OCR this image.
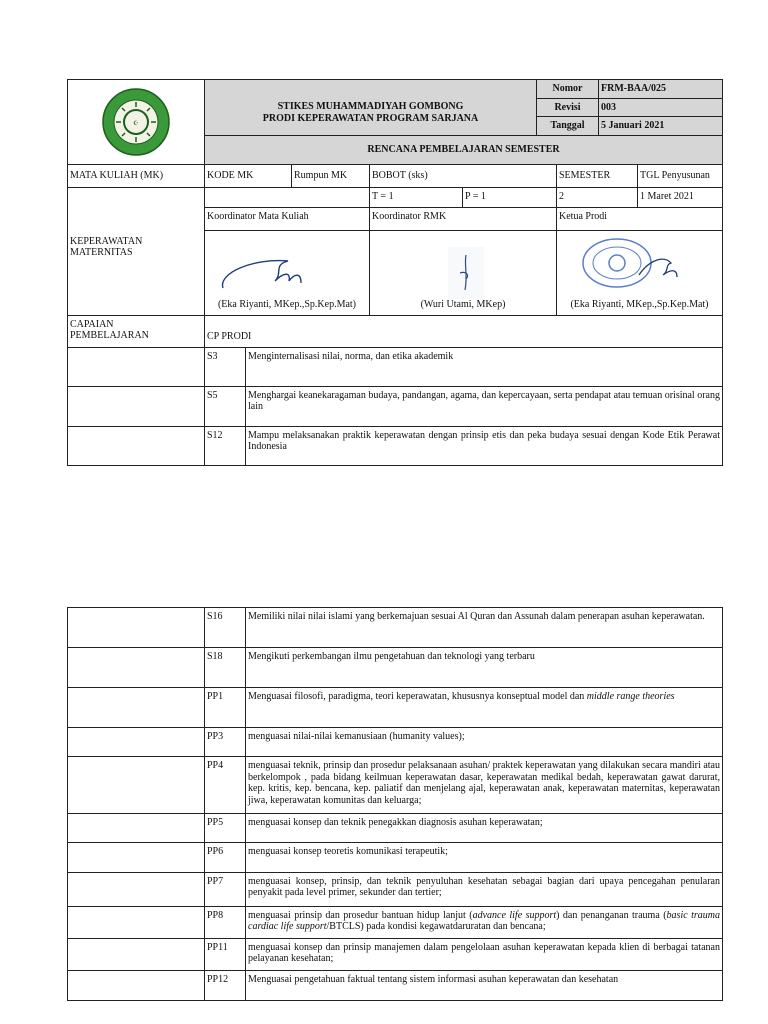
☪
STIKES MUHAMMADIYAH GOMBONG
PRODI KEPERAWATAN PROGRAM SARJANA
Nomor	FRM-BAA/025
Revisi	003
Tanggal	5 Januari 2021
RENCANA PEMBELAJARAN SEMESTER
MATA KULIAH (MK)	KODE MK	Rumpun MK	BOBOT (sks)	SEMESTER	TGL Penyusunan
KEPERAWATAN MATERNITAS
T = 1	P = 1	2	1 Maret 2021
Koordinator Mata Kuliah	Koordinator RMK	Ketua Prodi
(Eka Riyanti, MKep.,Sp.Kep.Mat)	(Wuri Utami, MKep)	(Eka Riyanti, MKep.,Sp.Kep.Mat)
CAPAIAN PEMBELAJARAN	CP PRODI
S3	Menginternalisasi nilai, norma, dan etika akademik
S5	Menghargai keanekaragaman budaya, pandangan, agama, dan kepercayaan, serta pendapat atau temuan orisinal orang lain
S12	Mampu melaksanakan praktik keperawatan dengan prinsip etis dan peka budaya sesuai dengan Kode Etik Perawat Indonesia
S16	Memiliki nilai nilai islami yang berkemajuan sesuai Al Quran dan Assunah dalam penerapan asuhan keperawatan.
S18	Mengikuti perkembangan ilmu pengetahuan dan teknologi yang terbaru
PP1	Menguasai filosofi, paradigma, teori keperawatan, khususnya konseptual model dan middle range theories
PP3	menguasai nilai-nilai kemanusiaan (humanity values);
PP4	menguasai teknik, prinsip dan prosedur pelaksanaan asuhan/ praktek keperawatan yang dilakukan secara mandiri atau berkelompok , pada bidang keilmuan keperawatan dasar, keperawatan medikal bedah, keperawatan gawat darurat, kep. kritis, kep. bencana, kep. paliatif dan menjelang ajal, keperawatan anak, keperawatan maternitas, keperawatan jiwa, keperawatan komunitas dan keluarga;
PP5	menguasai konsep dan teknik penegakkan diagnosis asuhan keperawatan;
PP6	menguasai konsep teoretis komunikasi terapeutik;
PP7	menguasai konsep, prinsip, dan teknik penyuluhan kesehatan sebagai bagian dari upaya pencegahan penularan penyakit pada level primer, sekunder dan tertier;
PP8	menguasai prinsip dan prosedur bantuan hidup lanjut (advance life support) dan penanganan trauma (basic trauma cardiac life support/BTCLS) pada kondisi kegawatdaruratan dan bencana;
PP11	menguasai konsep dan prinsip manajemen dalam pengelolaan asuhan keperawatan kepada klien di berbagai tatanan pelayanan kesehatan;
PP12	Menguasai pengetahuan faktual tentang sistem informasi asuhan keperawatan dan kesehatan
